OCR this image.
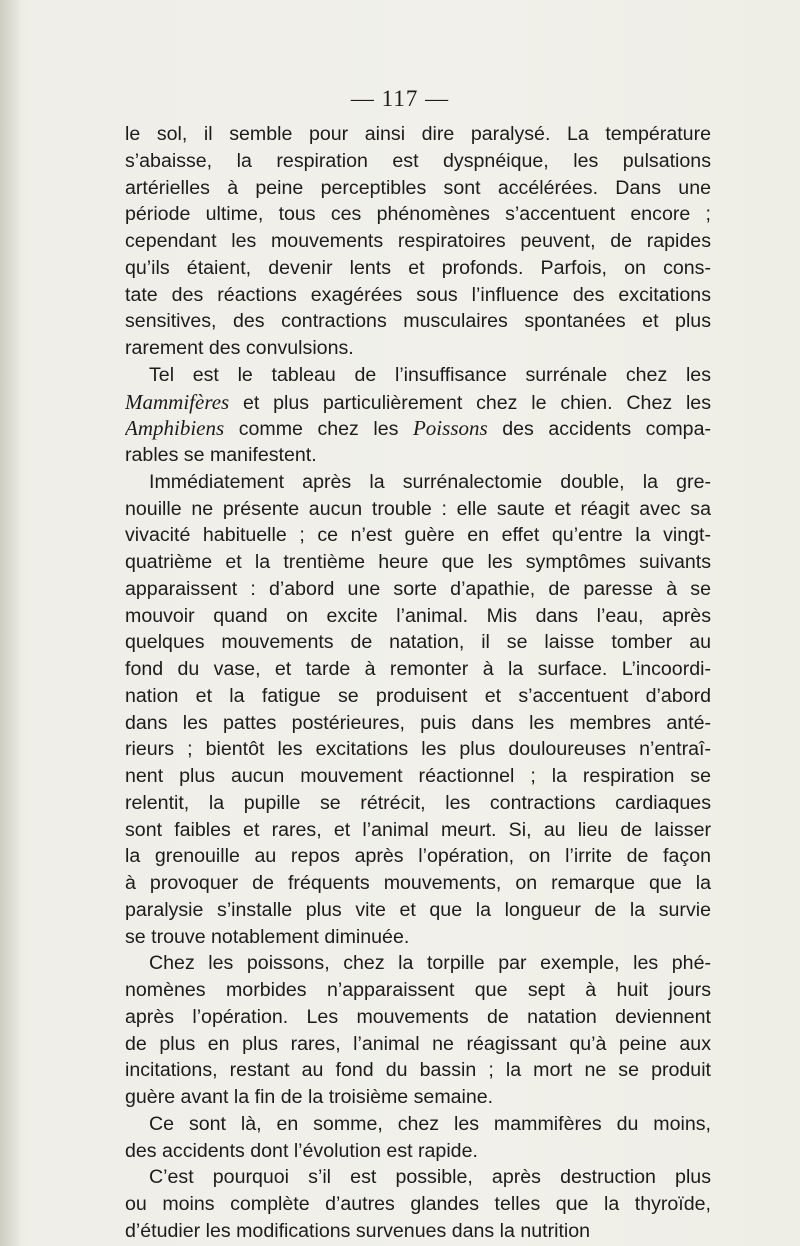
— 117 —
le sol, il semble pour ainsi dire paralysé. La température
s’abaisse, la respiration est dyspnéique, les pulsations
artérielles à peine perceptibles sont accélérées. Dans une
période ultime, tous ces phénomènes s’accentuent encore ;
cependant les mouvements respiratoires peuvent, de rapides
qu’ils étaient, devenir lents et profonds. Parfois, on cons-
tate des réactions exagérées sous l’influence des excitations
sensitives, des contractions musculaires spontanées et plus
rarement des convulsions.
Tel est le tableau de l’insuffisance surrénale chez les
Mammifères et plus particulièrement chez le chien. Chez les
Amphibiens comme chez les Poissons des accidents compa-
rables se manifestent.
Immédiatement après la surrénalectomie double, la gre-
nouille ne présente aucun trouble : elle saute et réagit avec sa
vivacité habituelle ; ce n’est guère en effet qu’entre la vingt-
quatrième et la trentième heure que les symptômes suivants
apparaissent : d’abord une sorte d’apathie, de paresse à se
mouvoir quand on excite l’animal. Mis dans l’eau, après
quelques mouvements de natation, il se laisse tomber au
fond du vase, et tarde à remonter à la surface. L’incoordi-
nation et la fatigue se produisent et s’accentuent d’abord
dans les pattes postérieures, puis dans les membres anté-
rieurs ; bientôt les excitations les plus douloureuses n’entraî-
nent plus aucun mouvement réactionnel ; la respiration se
relentit, la pupille se rétrécit, les contractions cardiaques
sont faibles et rares, et l’animal meurt. Si, au lieu de laisser
la grenouille au repos après l’opération, on l’irrite de façon
à provoquer de fréquents mouvements, on remarque que la
paralysie s’installe plus vite et que la longueur de la survie
se trouve notablement diminuée.
Chez les poissons, chez la torpille par exemple, les phé-
nomènes morbides n’apparaissent que sept à huit jours
après l’opération. Les mouvements de natation deviennent
de plus en plus rares, l’animal ne réagissant qu’à peine aux
incitations, restant au fond du bassin ; la mort ne se produit
guère avant la fin de la troisième semaine.
Ce sont là, en somme, chez les mammifères du moins,
des accidents dont l’évolution est rapide.
C’est pourquoi s’il est possible, après destruction plus
ou moins complète d’autres glandes telles que la thyroïde,
d’étudier les modifications survenues dans la nutrition
